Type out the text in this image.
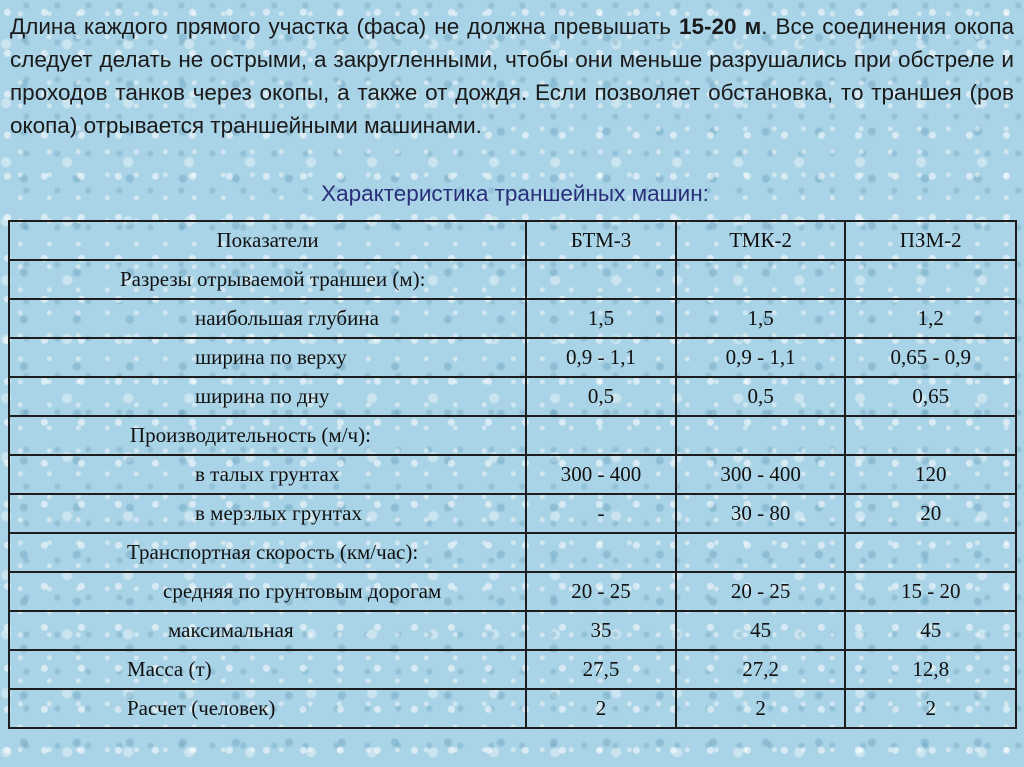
Длина каждого прямого участка (фаса) не должна превышать 15-20 м. Все соединения окопа следует делать не острыми, а закругленными, чтобы они меньше разрушались при обстреле и проходов танков через окопы, а также от дождя. Если позволяет обстановка, то траншея (ров окопа) отрывается траншейными машинами.

Характеристика траншейных машин:

Показатели	БТМ-3	ТМК-2	ПЗМ-2
Разрезы отрываемой траншеи (м):			
наибольшая глубина	1,5	1,5	1,2
ширина по верху	0,9 - 1,1	0,9 - 1,1	0,65 - 0,9
ширина по дну	0,5	0,5	0,65
Производительность (м/ч):			
в талых грунтах	300 - 400	300 - 400	120
в мерзлых грунтах	-	30 - 80	20
Транспортная скорость (км/час):			
средняя по грунтовым дорогам	20 - 25	20 - 25	15 - 20
максимальная	35	45	45
Масса (т)	27,5	27,2	12,8
Расчет (человек)	2	2	2
